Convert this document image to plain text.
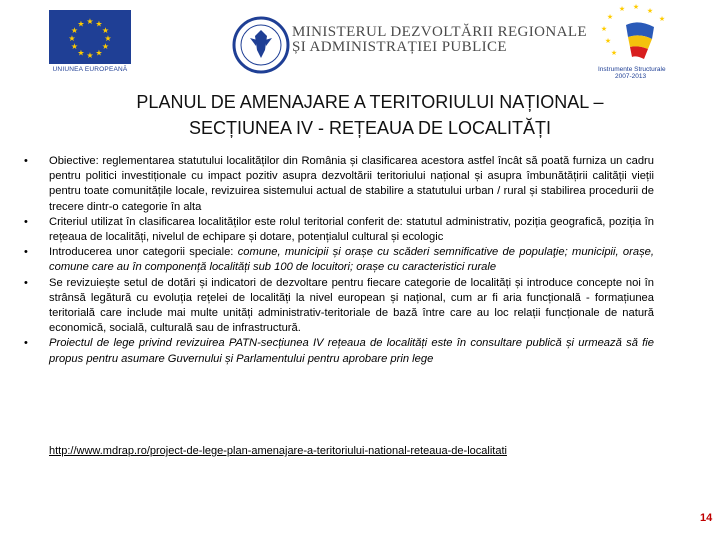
★ ★
★
★
★
★
★
★
★
★
★
★
UNIUNEA EUROPEANĂ
MINISTERUL DEZVOLTĂRII REGIONALE
ȘI ADMINISTRAȚIEI PUBLICE
★
★
★ ★ ★
★
★
★
Instrumente Structurale
2007-2013
PLANUL DE AMENAJARE A TERITORIULUI NAȚIONAL –
SECȚIUNEA IV - REȚEAUA DE LOCALITĂȚI
• Obiective: reglementarea statutului localităților din România și clasificarea acestora astfel încât să poată furniza un cadru pentru politici investiționale cu impact pozitiv asupra dezvoltării teritoriului național și asupra îmbunătățirii calității vieții pentru toate comunitățile locale, revizuirea sistemului actual de stabilire a statutului urban / rural și stabilirea procedurii de trecere dintr-o categorie în alta
• Criteriul utilizat în clasificarea localităților este rolul teritorial conferit de: statutul administrativ, poziția geografică, poziția în rețeaua de localități, nivelul de echipare și dotare, potențialul cultural și ecologic
• Introducerea unor categorii speciale: comune, municipii și orașe cu scăderi semnificative de populaţie; municipii, orașe, comune care au în componență localități sub 100 de locuitori; orașe cu caracteristici rurale
• Se revizuiește setul de dotări și indicatori de dezvoltare pentru fiecare categorie de localități și introduce concepte noi în strânsă legătură cu evoluția rețelei de localități la nivel european și național, cum ar fi aria funcțională - formațiunea teritorială care include mai multe unități administrativ-teritoriale de bază între care au loc relații funcționale de natură economică, socială, culturală sau de infrastructură.
• Proiectul de lege privind revizuirea PATN-secțiunea IV rețeaua de localități este în consultare publică și urmează să fie propus pentru asumare Guvernului și Parlamentului pentru aprobare prin lege
http://www.mdrap.ro/project-de-lege-plan-amenajare-a-teritoriului-national-reteaua-de-localitati
14
